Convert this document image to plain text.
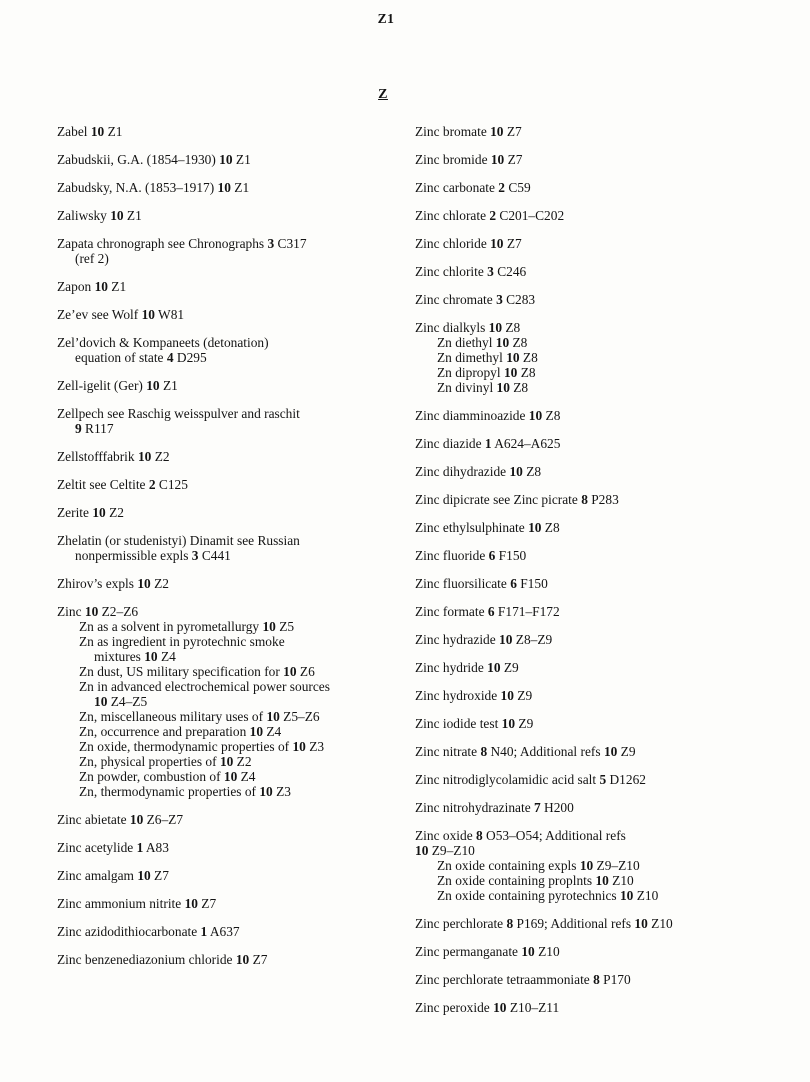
Z1
Z
Zabel 10 Z1
Zabudskii, G.A. (1854–1930) 10 Z1
Zabudsky, N.A. (1853–1917) 10 Z1
Zaliwsky 10 Z1
Zapata chronograph see Chronographs 3 C317
(ref 2)
Zapon 10 Z1
Ze’ev see Wolf 10 W81
Zel’dovich & Kompaneets (detonation)
equation of state 4 D295
Zell-igelit (Ger) 10 Z1
Zellpech see Raschig weisspulver and raschit
9 R117
Zellstofffabrik 10 Z2
Zeltit see Celtite 2 C125
Zerite 10 Z2
Zhelatin (or studenistyi) Dinamit see Russian
nonpermissible expls 3 C441
Zhirov’s expls 10 Z2
Zinc 10 Z2–Z6
Zn as a solvent in pyrometallurgy 10 Z5
Zn as ingredient in pyrotechnic smoke
mixtures 10 Z4
Zn dust, US military specification for 10 Z6
Zn in advanced electrochemical power sources
10 Z4–Z5
Zn, miscellaneous military uses of 10 Z5–Z6
Zn, occurrence and preparation 10 Z4
Zn oxide, thermodynamic properties of 10 Z3
Zn, physical properties of 10 Z2
Zn powder, combustion of 10 Z4
Zn, thermodynamic properties of 10 Z3
Zinc abietate 10 Z6–Z7
Zinc acetylide 1 A83
Zinc amalgam 10 Z7
Zinc ammonium nitrite 10 Z7
Zinc azidodithiocarbonate 1 A637
Zinc benzenediazonium chloride 10 Z7
Zinc bromate 10 Z7
Zinc bromide 10 Z7
Zinc carbonate 2 C59
Zinc chlorate 2 C201–C202
Zinc chloride 10 Z7
Zinc chlorite 3 C246
Zinc chromate 3 C283
Zinc dialkyls 10 Z8
Zn diethyl 10 Z8
Zn dimethyl 10 Z8
Zn dipropyl 10 Z8
Zn divinyl 10 Z8
Zinc diamminoazide 10 Z8
Zinc diazide 1 A624–A625
Zinc dihydrazide 10 Z8
Zinc dipicrate see Zinc picrate 8 P283
Zinc ethylsulphinate 10 Z8
Zinc fluoride 6 F150
Zinc fluorsilicate 6 F150
Zinc formate 6 F171–F172
Zinc hydrazide 10 Z8–Z9
Zinc hydride 10 Z9
Zinc hydroxide 10 Z9
Zinc iodide test 10 Z9
Zinc nitrate 8 N40; Additional refs 10 Z9
Zinc nitrodiglycolamidic acid salt 5 D1262
Zinc nitrohydrazinate 7 H200
Zinc oxide 8 O53–O54; Additional refs
10 Z9–Z10
Zn oxide containing expls 10 Z9–Z10
Zn oxide containing proplnts 10 Z10
Zn oxide containing pyrotechnics 10 Z10
Zinc perchlorate 8 P169; Additional refs 10 Z10
Zinc permanganate 10 Z10
Zinc perchlorate tetraammoniate 8 P170
Zinc peroxide 10 Z10–Z11
